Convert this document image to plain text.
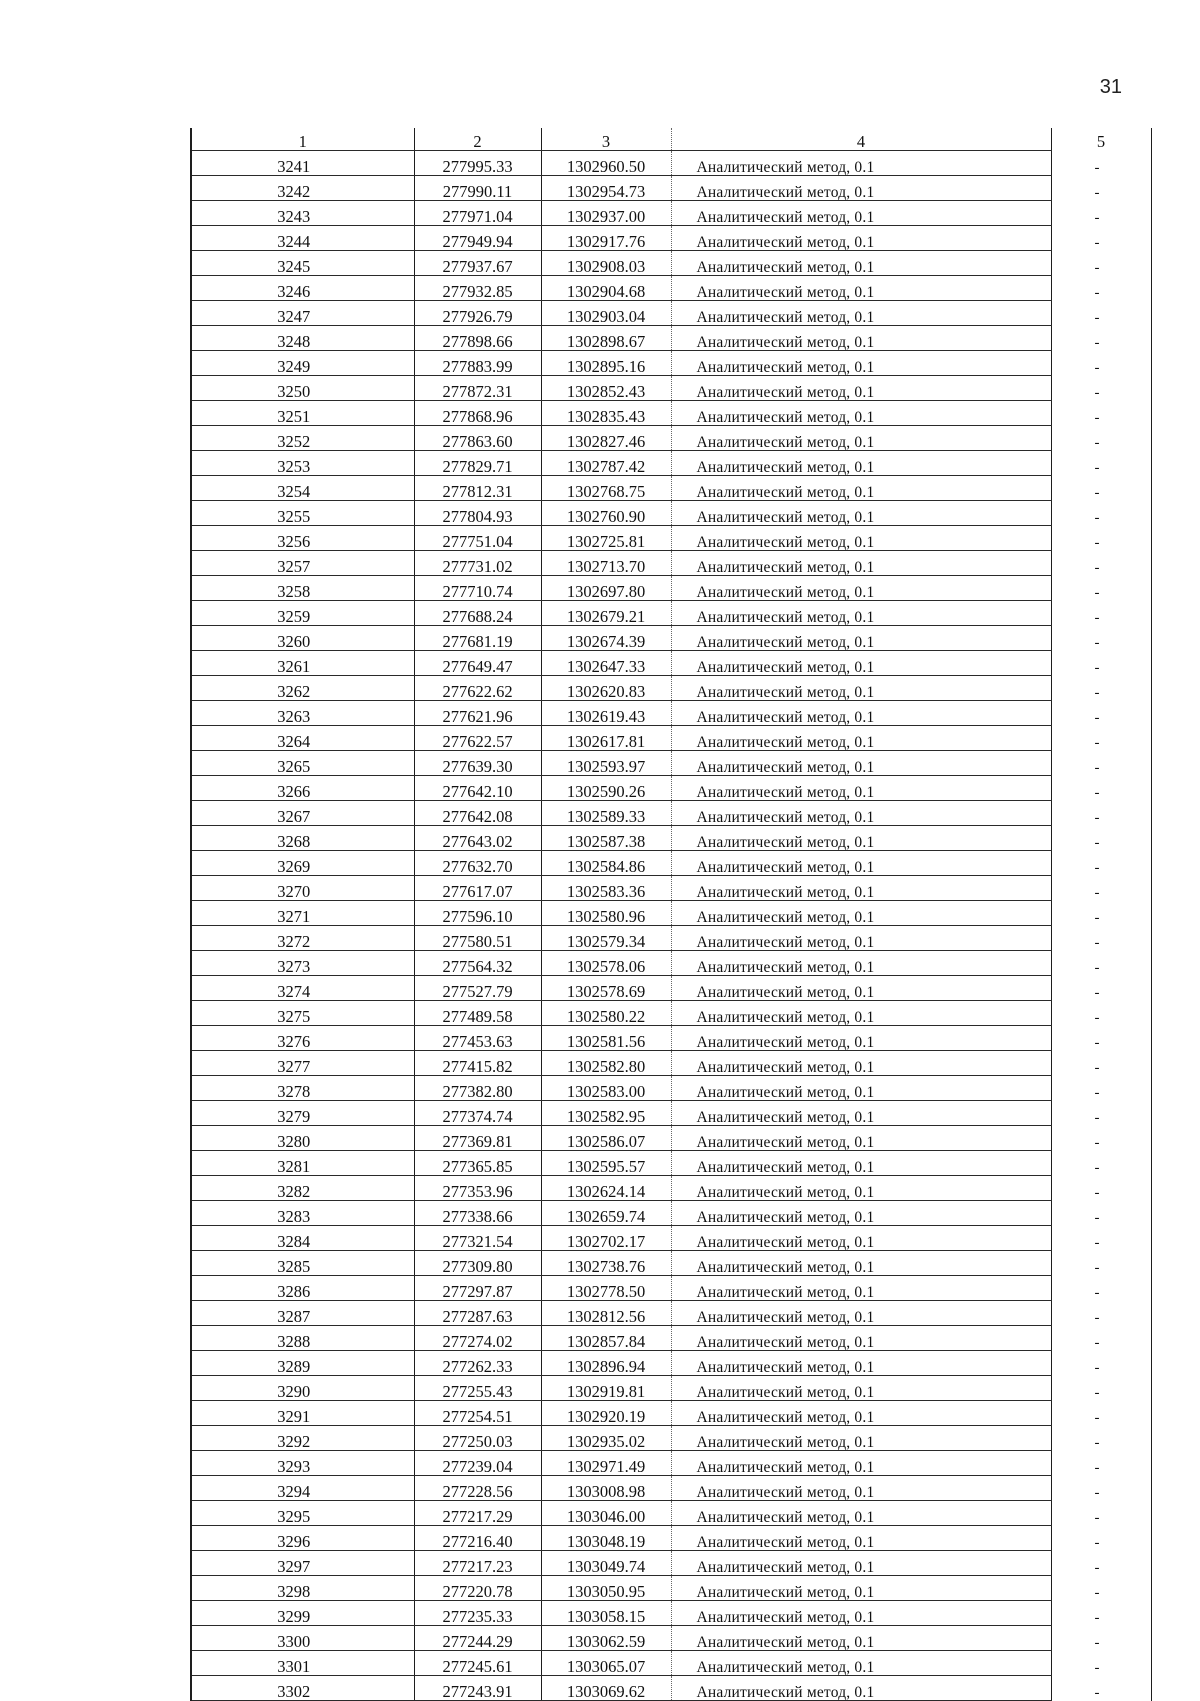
31
1	2	3	4	5
3241	277995.33	1302960.50	Аналитический метод, 0.1	-
3242	277990.11	1302954.73	Аналитический метод, 0.1	-
3243	277971.04	1302937.00	Аналитический метод, 0.1	-
3244	277949.94	1302917.76	Аналитический метод, 0.1	-
3245	277937.67	1302908.03	Аналитический метод, 0.1	-
3246	277932.85	1302904.68	Аналитический метод, 0.1	-
3247	277926.79	1302903.04	Аналитический метод, 0.1	-
3248	277898.66	1302898.67	Аналитический метод, 0.1	-
3249	277883.99	1302895.16	Аналитический метод, 0.1	-
3250	277872.31	1302852.43	Аналитический метод, 0.1	-
3251	277868.96	1302835.43	Аналитический метод, 0.1	-
3252	277863.60	1302827.46	Аналитический метод, 0.1	-
3253	277829.71	1302787.42	Аналитический метод, 0.1	-
3254	277812.31	1302768.75	Аналитический метод, 0.1	-
3255	277804.93	1302760.90	Аналитический метод, 0.1	-
3256	277751.04	1302725.81	Аналитический метод, 0.1	-
3257	277731.02	1302713.70	Аналитический метод, 0.1	-
3258	277710.74	1302697.80	Аналитический метод, 0.1	-
3259	277688.24	1302679.21	Аналитический метод, 0.1	-
3260	277681.19	1302674.39	Аналитический метод, 0.1	-
3261	277649.47	1302647.33	Аналитический метод, 0.1	-
3262	277622.62	1302620.83	Аналитический метод, 0.1	-
3263	277621.96	1302619.43	Аналитический метод, 0.1	-
3264	277622.57	1302617.81	Аналитический метод, 0.1	-
3265	277639.30	1302593.97	Аналитический метод, 0.1	-
3266	277642.10	1302590.26	Аналитический метод, 0.1	-
3267	277642.08	1302589.33	Аналитический метод, 0.1	-
3268	277643.02	1302587.38	Аналитический метод, 0.1	-
3269	277632.70	1302584.86	Аналитический метод, 0.1	-
3270	277617.07	1302583.36	Аналитический метод, 0.1	-
3271	277596.10	1302580.96	Аналитический метод, 0.1	-
3272	277580.51	1302579.34	Аналитический метод, 0.1	-
3273	277564.32	1302578.06	Аналитический метод, 0.1	-
3274	277527.79	1302578.69	Аналитический метод, 0.1	-
3275	277489.58	1302580.22	Аналитический метод, 0.1	-
3276	277453.63	1302581.56	Аналитический метод, 0.1	-
3277	277415.82	1302582.80	Аналитический метод, 0.1	-
3278	277382.80	1302583.00	Аналитический метод, 0.1	-
3279	277374.74	1302582.95	Аналитический метод, 0.1	-
3280	277369.81	1302586.07	Аналитический метод, 0.1	-
3281	277365.85	1302595.57	Аналитический метод, 0.1	-
3282	277353.96	1302624.14	Аналитический метод, 0.1	-
3283	277338.66	1302659.74	Аналитический метод, 0.1	-
3284	277321.54	1302702.17	Аналитический метод, 0.1	-
3285	277309.80	1302738.76	Аналитический метод, 0.1	-
3286	277297.87	1302778.50	Аналитический метод, 0.1	-
3287	277287.63	1302812.56	Аналитический метод, 0.1	-
3288	277274.02	1302857.84	Аналитический метод, 0.1	-
3289	277262.33	1302896.94	Аналитический метод, 0.1	-
3290	277255.43	1302919.81	Аналитический метод, 0.1	-
3291	277254.51	1302920.19	Аналитический метод, 0.1	-
3292	277250.03	1302935.02	Аналитический метод, 0.1	-
3293	277239.04	1302971.49	Аналитический метод, 0.1	-
3294	277228.56	1303008.98	Аналитический метод, 0.1	-
3295	277217.29	1303046.00	Аналитический метод, 0.1	-
3296	277216.40	1303048.19	Аналитический метод, 0.1	-
3297	277217.23	1303049.74	Аналитический метод, 0.1	-
3298	277220.78	1303050.95	Аналитический метод, 0.1	-
3299	277235.33	1303058.15	Аналитический метод, 0.1	-
3300	277244.29	1303062.59	Аналитический метод, 0.1	-
3301	277245.61	1303065.07	Аналитический метод, 0.1	-
3302	277243.91	1303069.62	Аналитический метод, 0.1	-
